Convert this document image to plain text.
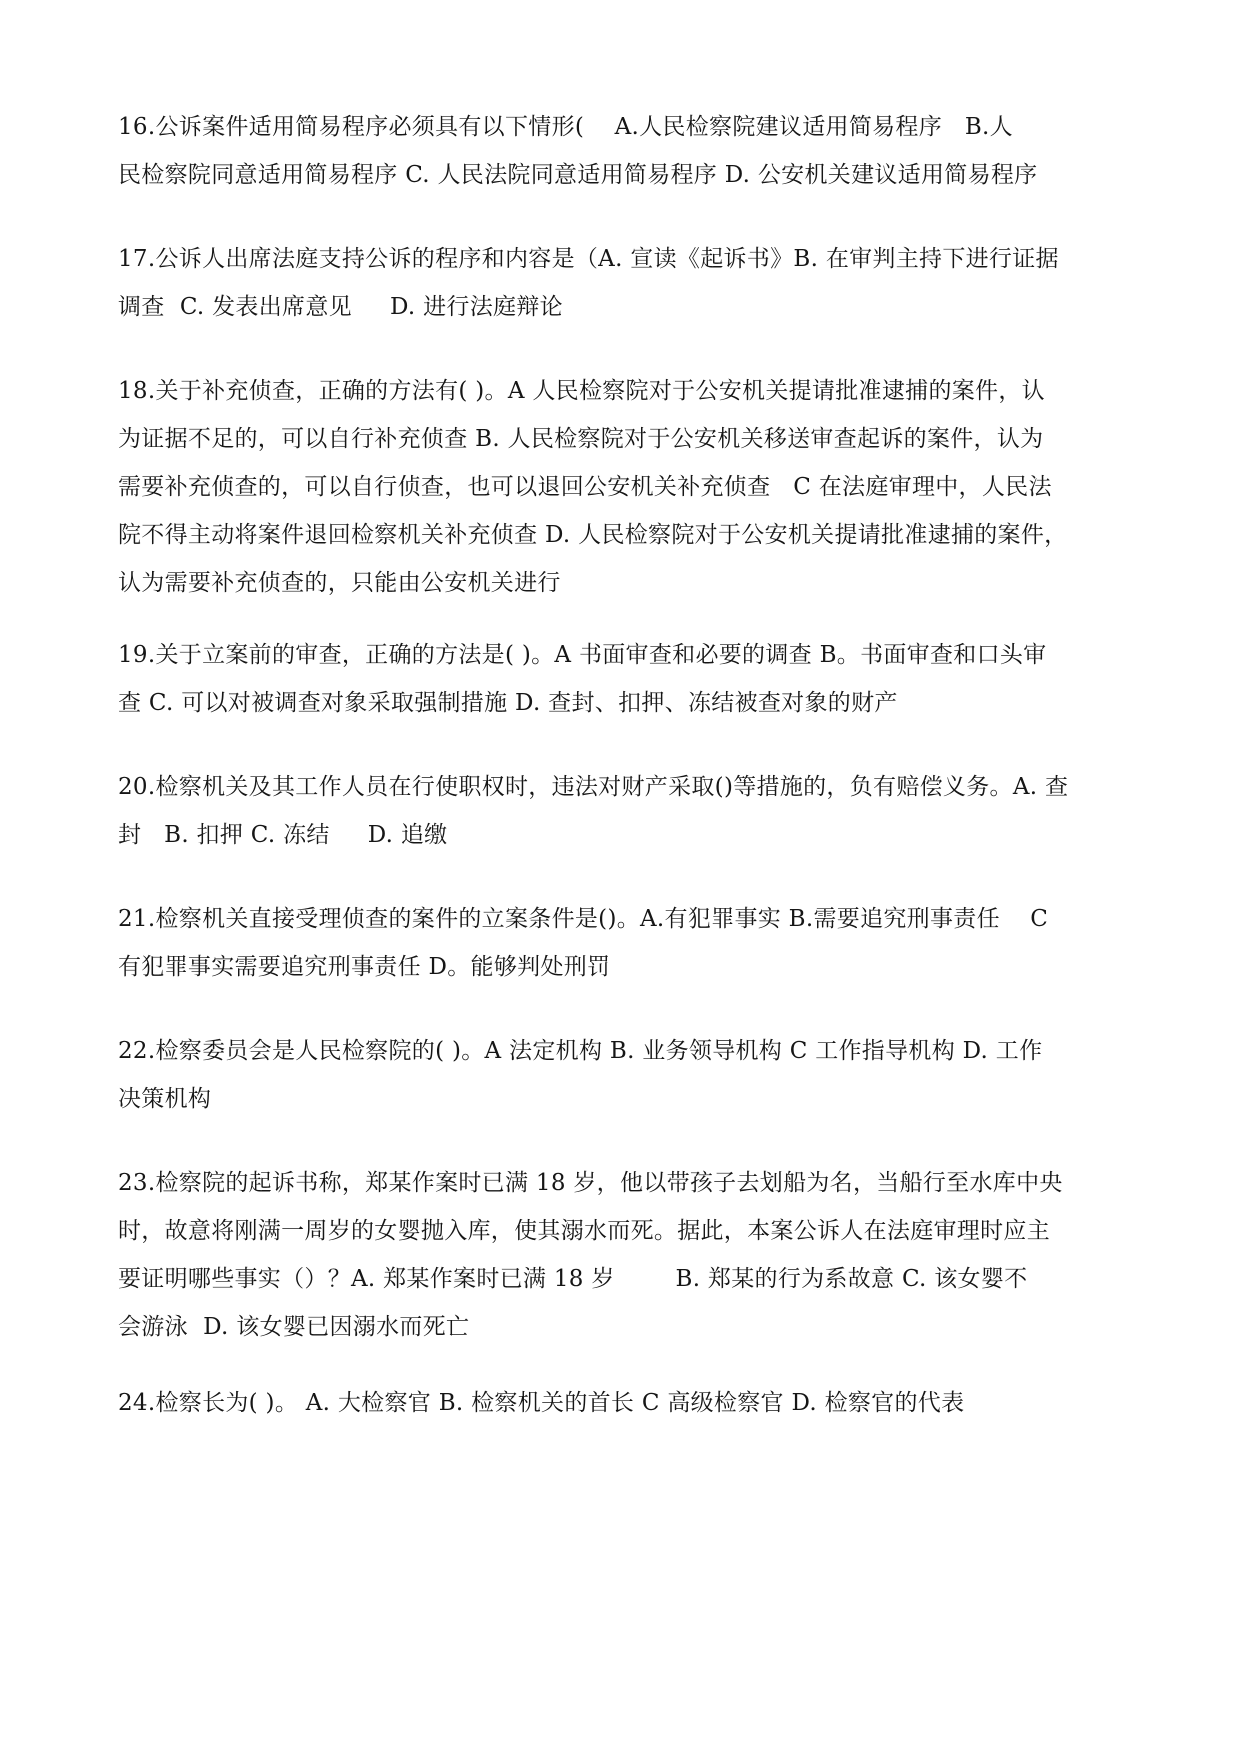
16.公诉案件适用简易程序必须具有以下情形(    A.人民检察院建议适用简易程序   B.人
民检察院同意适用简易程序 C. 人民法院同意适用简易程序 D. 公安机关建议适用简易程序

17.公诉人出席法庭支持公诉的程序和内容是（A. 宣读《起诉书》B. 在审判主持下进行证据
调查  C. 发表出席意见     D. 进行法庭辩论

18.关于补充侦查，正确的方法有( )。A 人民检察院对于公安机关提请批准逮捕的案件，认
为证据不足的，可以自行补充侦查 B. 人民检察院对于公安机关移送审查起诉的案件，认为
需要补充侦查的，可以自行侦查，也可以退回公安机关补充侦查   C 在法庭审理中，人民法
院不得主动将案件退回检察机关补充侦查 D. 人民检察院对于公安机关提请批准逮捕的案件，
认为需要补充侦查的，只能由公安机关进行

19.关于立案前的审查，正确的方法是( )。A 书面审查和必要的调查 B。书面审查和口头审
查 C. 可以对被调查对象采取强制措施 D. 查封、扣押、冻结被查对象的财产

20.检察机关及其工作人员在行使职权时，违法对财产采取()等措施的，负有赔偿义务。A. 查
封   B. 扣押 C. 冻结     D. 追缴

21.检察机关直接受理侦查的案件的立案条件是()。A.有犯罪事实 B.需要追究刑事责任    C
有犯罪事实需要追究刑事责任 D。能够判处刑罚

22.检察委员会是人民检察院的( )。A 法定机构 B. 业务领导机构 C 工作指导机构 D. 工作
决策机构

23.检察院的起诉书称，郑某作案时已满 18 岁，他以带孩子去划船为名，当船行至水库中央
时，故意将刚满一周岁的女婴抛入库，使其溺水而死。据此，本案公诉人在法庭审理时应主
要证明哪些事实（）？A. 郑某作案时已满 18 岁        B. 郑某的行为系故意 C. 该女婴不
会游泳  D. 该女婴已因溺水而死亡

24.检察长为( )。 A. 大检察官 B. 检察机关的首长 C 高级检察官 D. 检察官的代表
